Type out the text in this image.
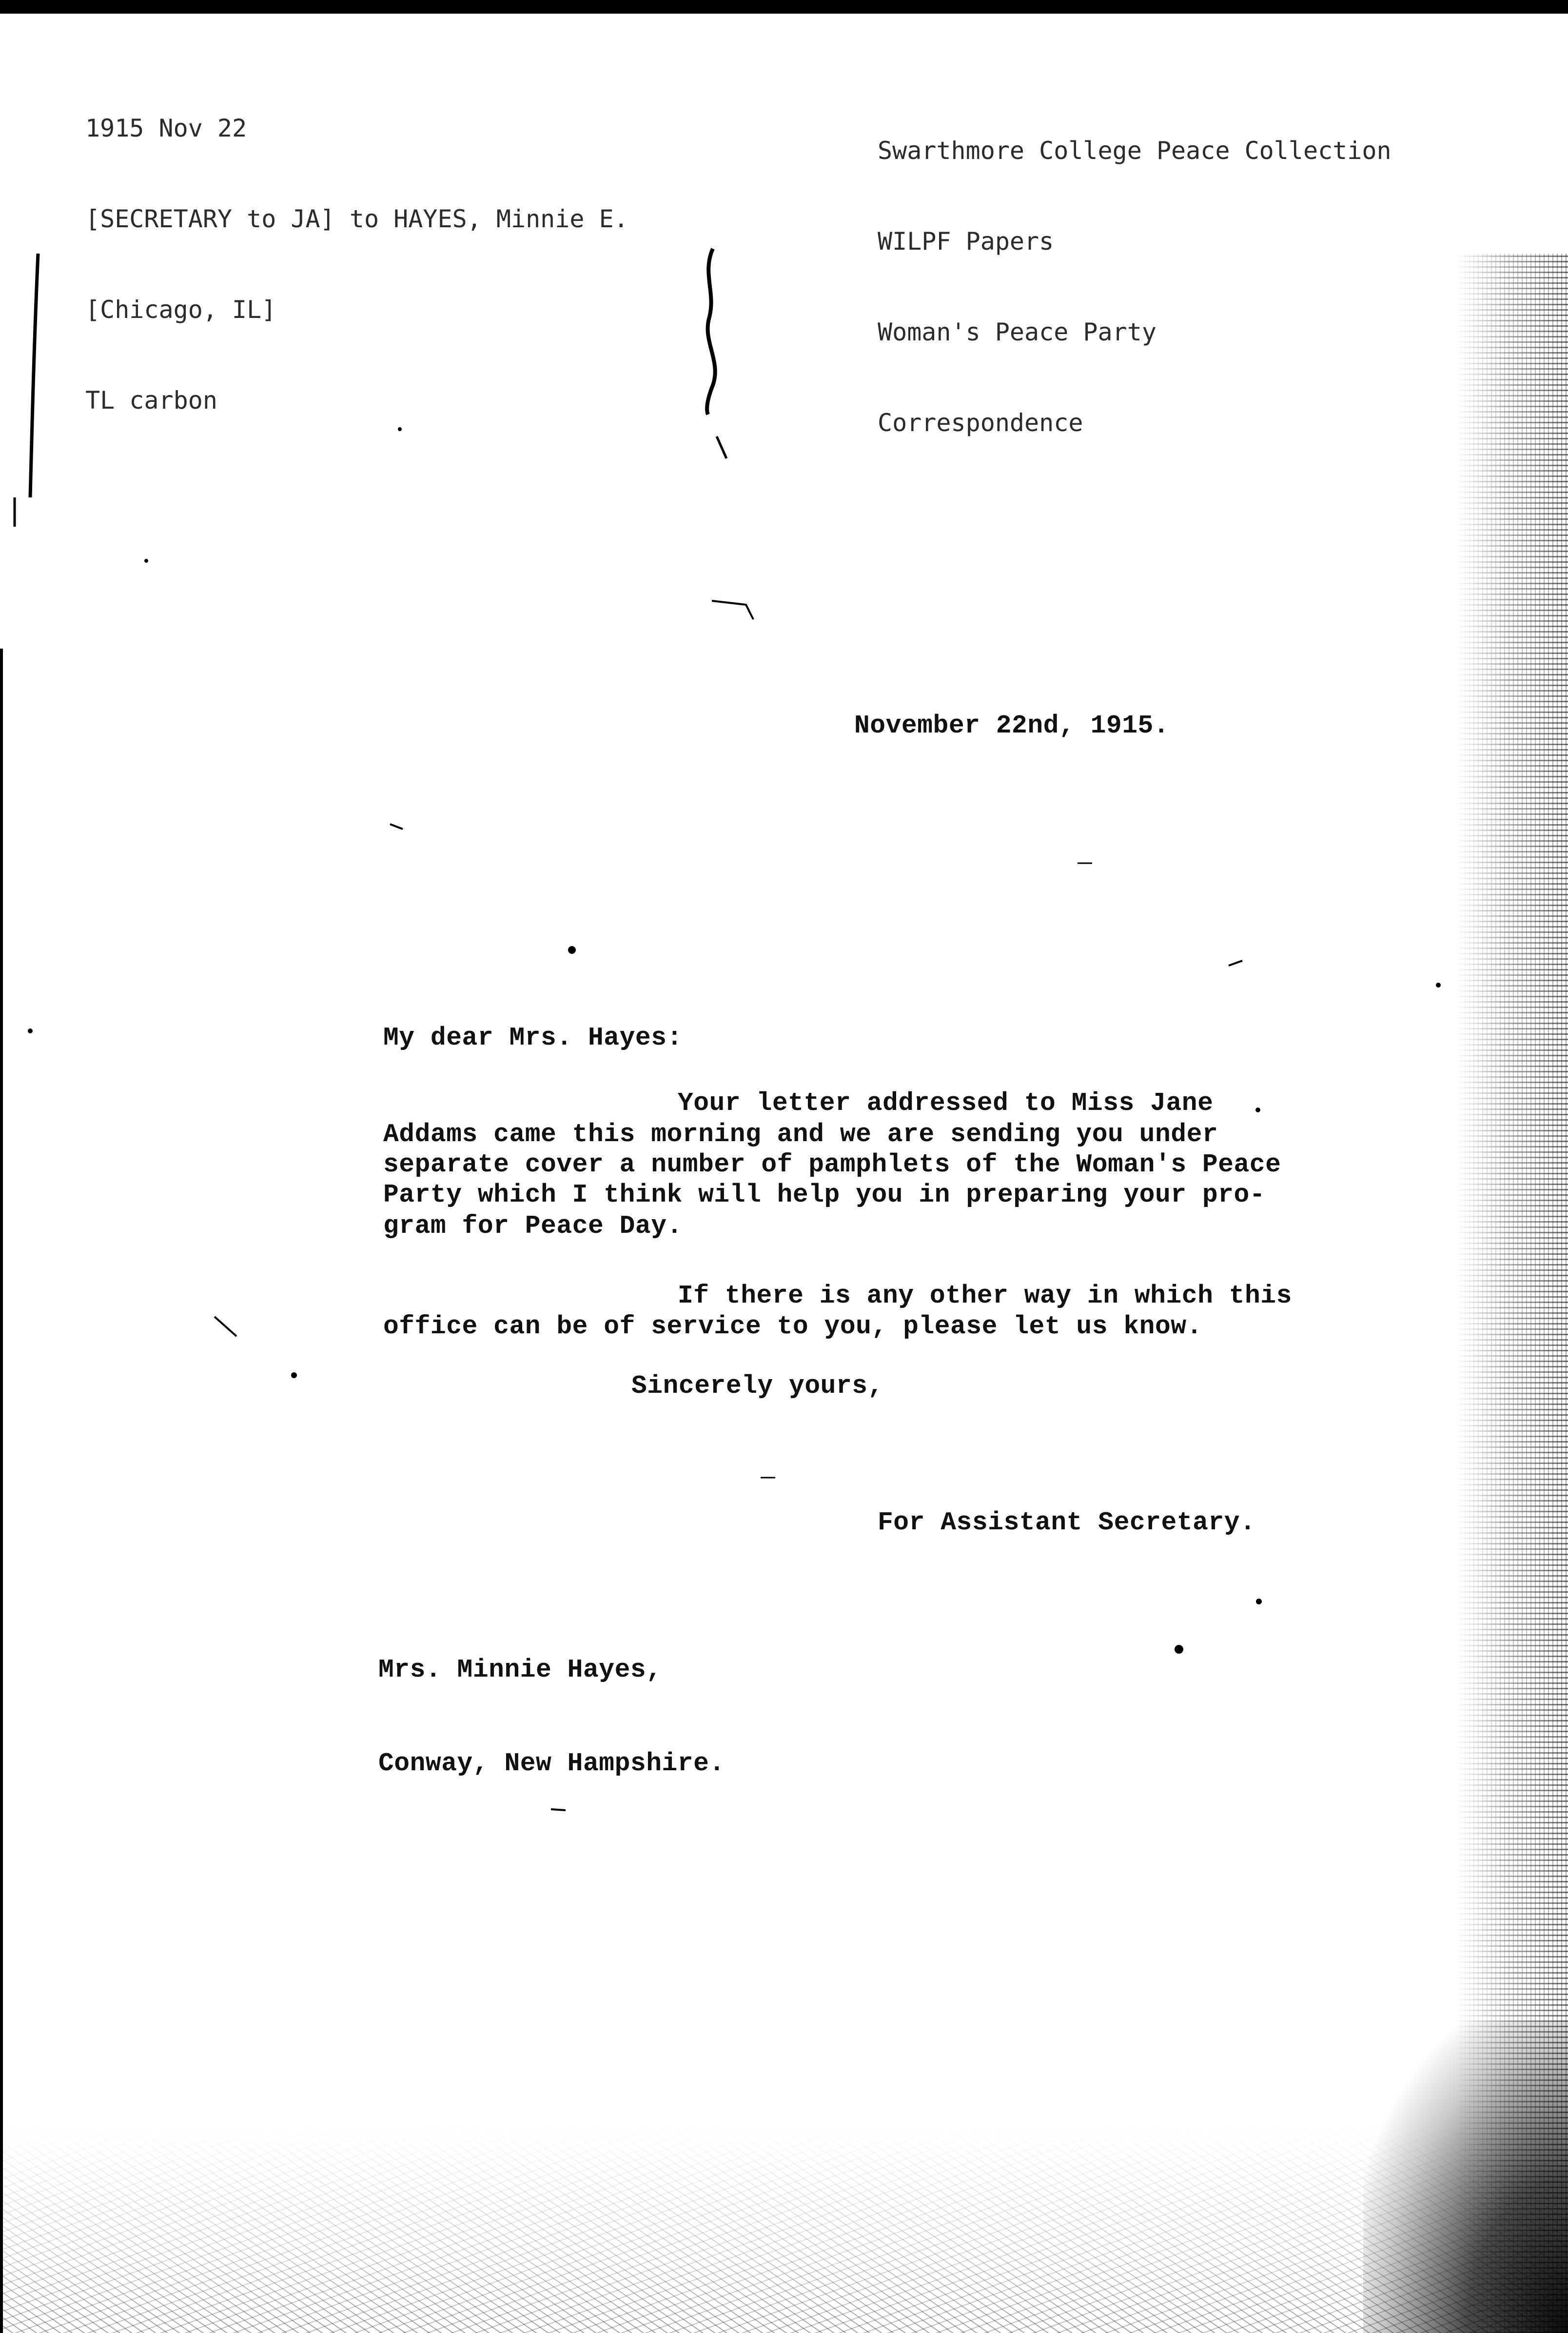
1915 Nov 22

[SECRETARY to JA] to HAYES, Minnie E.

[Chicago, IL]

TL carbon

Swarthmore College Peace Collection

WILPF Papers

Woman's Peace Party

Correspondence

November 22nd, 1915.
My dear Mrs. Hayes:
Your letter addressed to Miss Jane
Addams came this morning and we are sending you under
separate cover a number of pamphlets of the Woman's Peace
Party which I think will help you in preparing your pro-
gram for Peace Day.
If there is any other way in which this
office can be of service to you, please let us know.
Sincerely yours,
For Assistant Secretary.

Mrs. Minnie Hayes,

Conway, New Hampshire.
